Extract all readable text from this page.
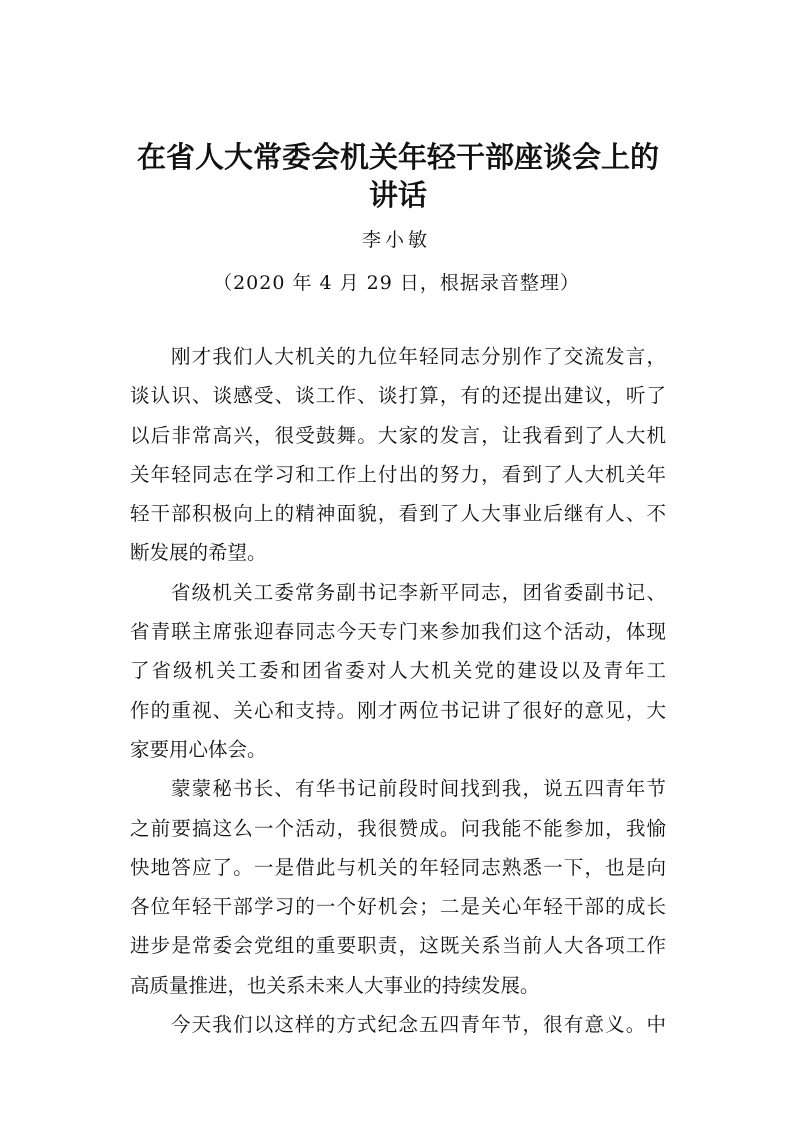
在省人大常委会机关年轻干部座谈会上的
讲话
李小敏
（2020 年 4 月 29 日，根据录音整理）
刚才我们人大机关的九位年轻同志分别作了交流发言，
谈认识、谈感受、谈工作、谈打算，有的还提出建议，听了
以后非常高兴，很受鼓舞。大家的发言，让我看到了人大机
关年轻同志在学习和工作上付出的努力，看到了人大机关年
轻干部积极向上的精神面貌，看到了人大事业后继有人、不
断发展的希望。
省级机关工委常务副书记李新平同志，团省委副书记、
省青联主席张迎春同志今天专门来参加我们这个活动，体现
了省级机关工委和团省委对人大机关党的建设以及青年工
作的重视、关心和支持。刚才两位书记讲了很好的意见，大
家要用心体会。
蒙蒙秘书长、有华书记前段时间找到我，说五四青年节
之前要搞这么一个活动，我很赞成。问我能不能参加，我愉
快地答应了。一是借此与机关的年轻同志熟悉一下，也是向
各位年轻干部学习的一个好机会；二是关心年轻干部的成长
进步是常委会党组的重要职责，这既关系当前人大各项工作
高质量推进，也关系未来人大事业的持续发展。
今天我们以这样的方式纪念五四青年节，很有意义。中
